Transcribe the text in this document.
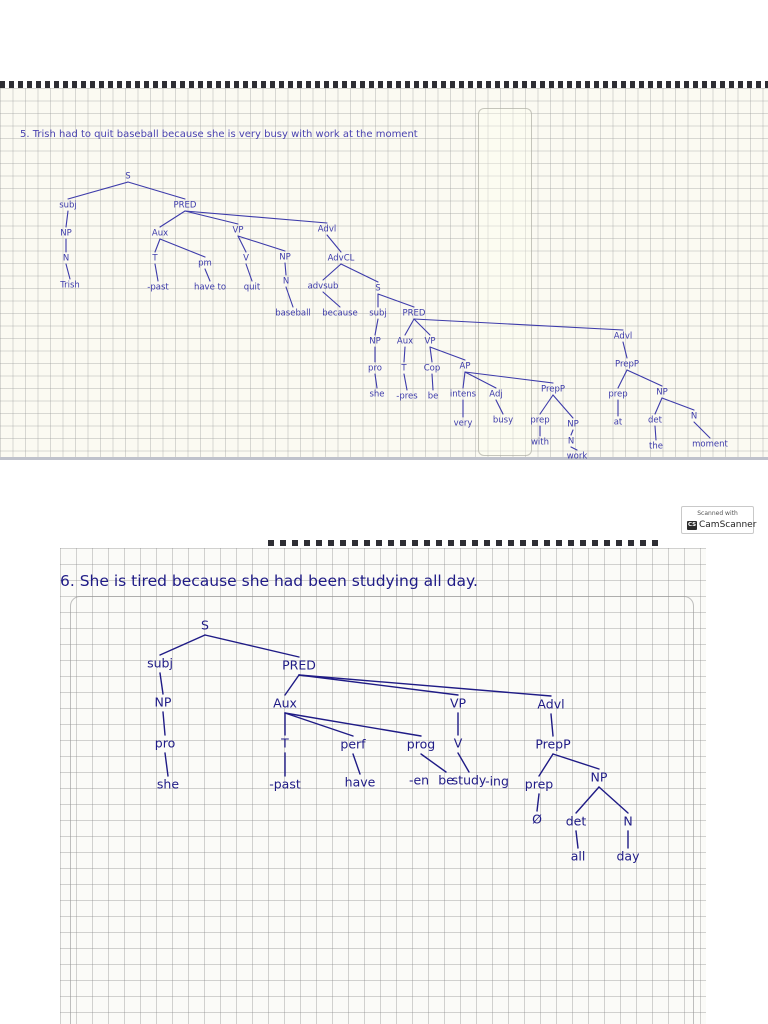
5. Trish had to quit baseball because she is very busy with work at the moment

S
subj
NP
N
Trish
PRED
Aux
T
-past
pm
have to
VP
V
quit
NP
N
baseball
Advl
AdvCL
advsub
because
S
subj
NP
pro
she
PRED
Aux
T
-pres
VP
Cop
be
AP
intens
very
Adj
busy
PrepP
prep
with
NP
N
work
Advl
PrepP
prep
at
NP
det
the
N
moment
Scanned with
CS CamScanner

6. She is tired because she had been studying all day.

S
subj
NP
pro
she
PRED
Aux
T
-past
perf
have
prog
-en be
VP
V
study
-ing
Advl
PrepP
prep
Ø
NP
det
all
N
day
